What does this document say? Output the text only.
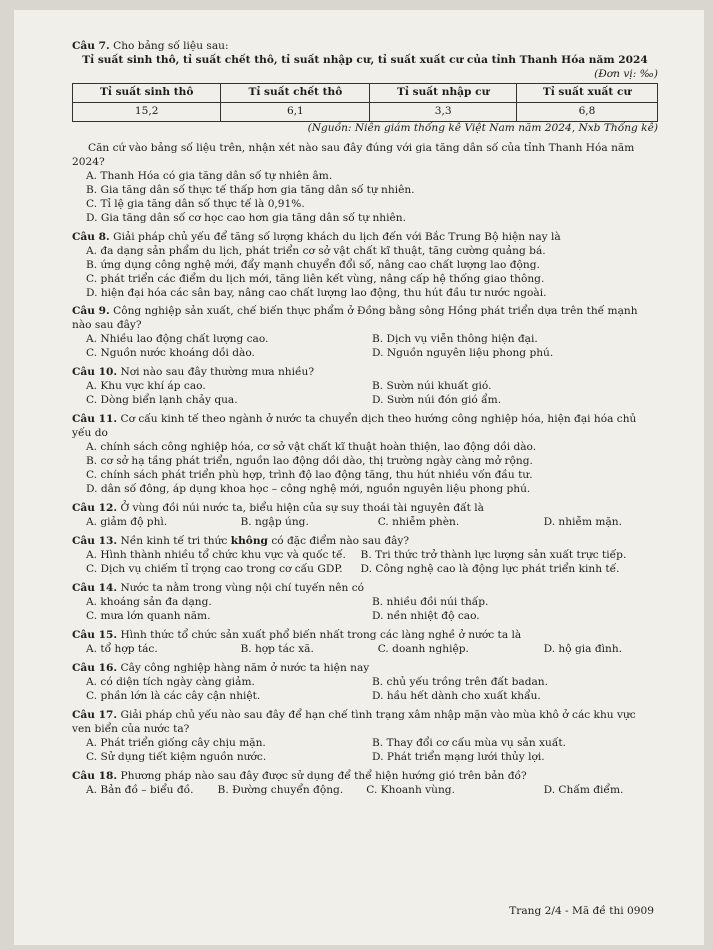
Câu 7. Cho bảng số liệu sau:

Tỉ suất sinh thô, tỉ suất chết thô, tỉ suất nhập cư, tỉ suất xuất cư của tỉnh Thanh Hóa năm 2024

(Đơn vị: ‰)

Tỉ suất sinh thô	Tỉ suất chết thô	Tỉ suất nhập cư	Tỉ suất xuất cư
15,2	6,1	3,3	6,8

(Nguồn: Niên giám thống kê Việt Nam năm 2024, Nxb Thống kê)

Căn cứ vào bảng số liệu trên, nhận xét nào sau đây đúng với gia tăng dân số của tỉnh Thanh Hóa năm 2024?

A. Thanh Hóa có gia tăng dân số tự nhiên âm.

B. Gia tăng dân số thực tế thấp hơn gia tăng dân số tự nhiên.

C. Tỉ lệ gia tăng dân số thực tế là 0,91%.

D. Gia tăng dân số cơ học cao hơn gia tăng dân số tự nhiên.

Câu 8. Giải pháp chủ yếu để tăng số lượng khách du lịch đến với Bắc Trung Bộ hiện nay là

A. đa dạng sản phẩm du lịch, phát triển cơ sở vật chất kĩ thuật, tăng cường quảng bá.

B. ứng dụng công nghệ mới, đẩy mạnh chuyển đổi số, nâng cao chất lượng lao động.

C. phát triển các điểm du lịch mới, tăng liên kết vùng, nâng cấp hệ thống giao thông.

D. hiện đại hóa các sân bay, nâng cao chất lượng lao động, thu hút đầu tư nước ngoài.

Câu 9. Công nghiệp sản xuất, chế biến thực phẩm ở Đồng bằng sông Hồng phát triển dựa trên thế mạnh nào sau đây?

A. Nhiều lao động chất lượng cao.	B. Dịch vụ viễn thông hiện đại.

C. Nguồn nước khoáng dồi dào.	D. Nguồn nguyên liệu phong phú.

Câu 10. Nơi nào sau đây thường mưa nhiều?

A. Khu vực khí áp cao.	B. Sườn núi khuất gió.

C. Dòng biển lạnh chảy qua.	D. Sườn núi đón gió ẩm.

Câu 11. Cơ cấu kinh tế theo ngành ở nước ta chuyển dịch theo hướng công nghiệp hóa, hiện đại hóa chủ yếu do

A. chính sách công nghiệp hóa, cơ sở vật chất kĩ thuật hoàn thiện, lao động dồi dào.

B. cơ sở hạ tầng phát triển, nguồn lao động dồi dào, thị trường ngày càng mở rộng.

C. chính sách phát triển phù hợp, trình độ lao động tăng, thu hút nhiều vốn đầu tư.

D. dân số đông, áp dụng khoa học – công nghệ mới, nguồn nguyên liệu phong phú.

Câu 12. Ở vùng đồi núi nước ta, biểu hiện của sự suy thoái tài nguyên đất là

A. giảm độ phì.	B. ngập úng.	C. nhiễm phèn.	D. nhiễm mặn.

Câu 13. Nền kinh tế tri thức không có đặc điểm nào sau đây?

A. Hình thành nhiều tổ chức khu vực và quốc tế.	B. Tri thức trở thành lực lượng sản xuất trực tiếp.

C. Dịch vụ chiếm tỉ trọng cao trong cơ cấu GDP.	D. Công nghệ cao là động lực phát triển kinh tế.

Câu 14. Nước ta nằm trong vùng nội chí tuyến nên có

A. khoáng sản đa dạng.	B. nhiều đồi núi thấp.

C. mưa lớn quanh năm.	D. nền nhiệt độ cao.

Câu 15. Hình thức tổ chức sản xuất phổ biến nhất trong các làng nghề ở nước ta là

A. tổ hợp tác.	B. hợp tác xã.	C. doanh nghiệp.	D. hộ gia đình.

Câu 16. Cây công nghiệp hàng năm ở nước ta hiện nay

A. có diện tích ngày càng giảm.	B. chủ yếu trồng trên đất badan.

C. phần lớn là các cây cận nhiệt.	D. hầu hết dành cho xuất khẩu.

Câu 17. Giải pháp chủ yếu nào sau đây để hạn chế tình trạng xâm nhập mặn vào mùa khô ở các khu vực ven biển của nước ta?

A. Phát triển giống cây chịu mặn.	B. Thay đổi cơ cấu mùa vụ sản xuất.

C. Sử dụng tiết kiệm nguồn nước.	D. Phát triển mạng lưới thủy lợi.

Câu 18. Phương pháp nào sau đây được sử dụng để thể hiện hướng gió trên bản đồ?

A. Bản đồ – biểu đồ.	B. Đường chuyển động.	C. Khoanh vùng.	D. Chấm điểm.

Trang 2/4 - Mã đề thi 0909
